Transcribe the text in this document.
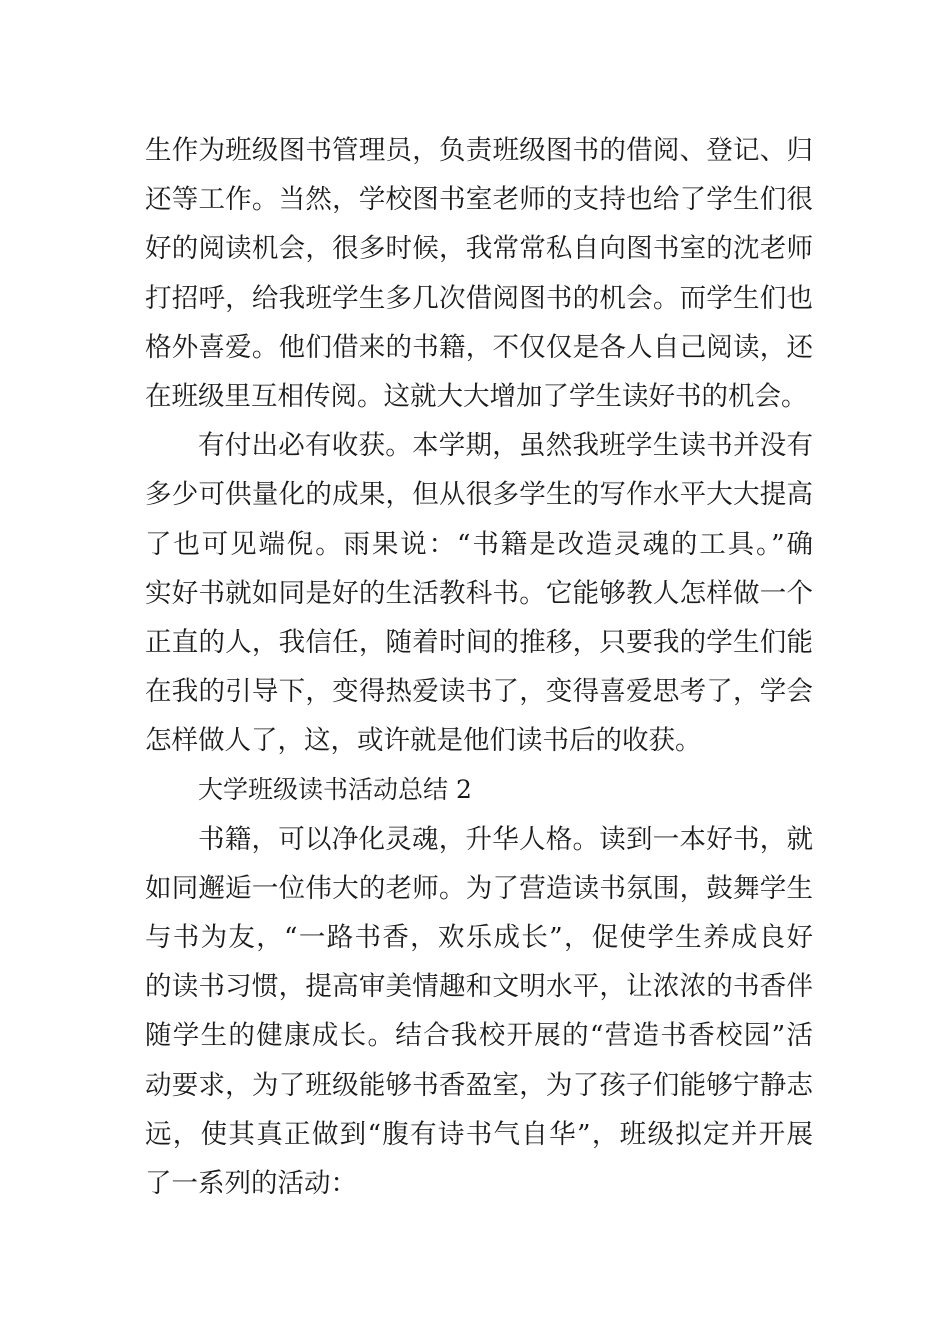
生作为班级图书管理员，负责班级图书的借阅、登记、归
还等工作。当然，学校图书室老师的支持也给了学生们很
好的阅读机会，很多时候，我常常私自向图书室的沈老师
打招呼，给我班学生多几次借阅图书的机会。而学生们也
格外喜爱。他们借来的书籍，不仅仅是各人自己阅读，还
在班级里互相传阅。这就大大增加了学生读好书的机会。
有付出必有收获。本学期，虽然我班学生读书并没有
多少可供量化的成果，但从很多学生的写作水平大大提高
了也可见端倪。雨果说：“书籍是改造灵魂的工具。”确
实好书就如同是好的生活教科书。它能够教人怎样做一个
正直的人，我信任，随着时间的推移，只要我的学生们能
在我的引导下，变得热爱读书了，变得喜爱思考了，学会
怎样做人了，这，或许就是他们读书后的收获。
大学班级读书活动总结 2
书籍，可以净化灵魂，升华人格。读到一本好书，就
如同邂逅一位伟大的老师。为了营造读书氛围，鼓舞学生
与书为友，“一路书香，欢乐成长”，促使学生养成良好
的读书习惯，提高审美情趣和文明水平，让浓浓的书香伴
随学生的健康成长。结合我校开展的“营造书香校园”活
动要求，为了班级能够书香盈室，为了孩子们能够宁静志
远，使其真正做到“腹有诗书气自华”，班级拟定并开展
了一系列的活动：
